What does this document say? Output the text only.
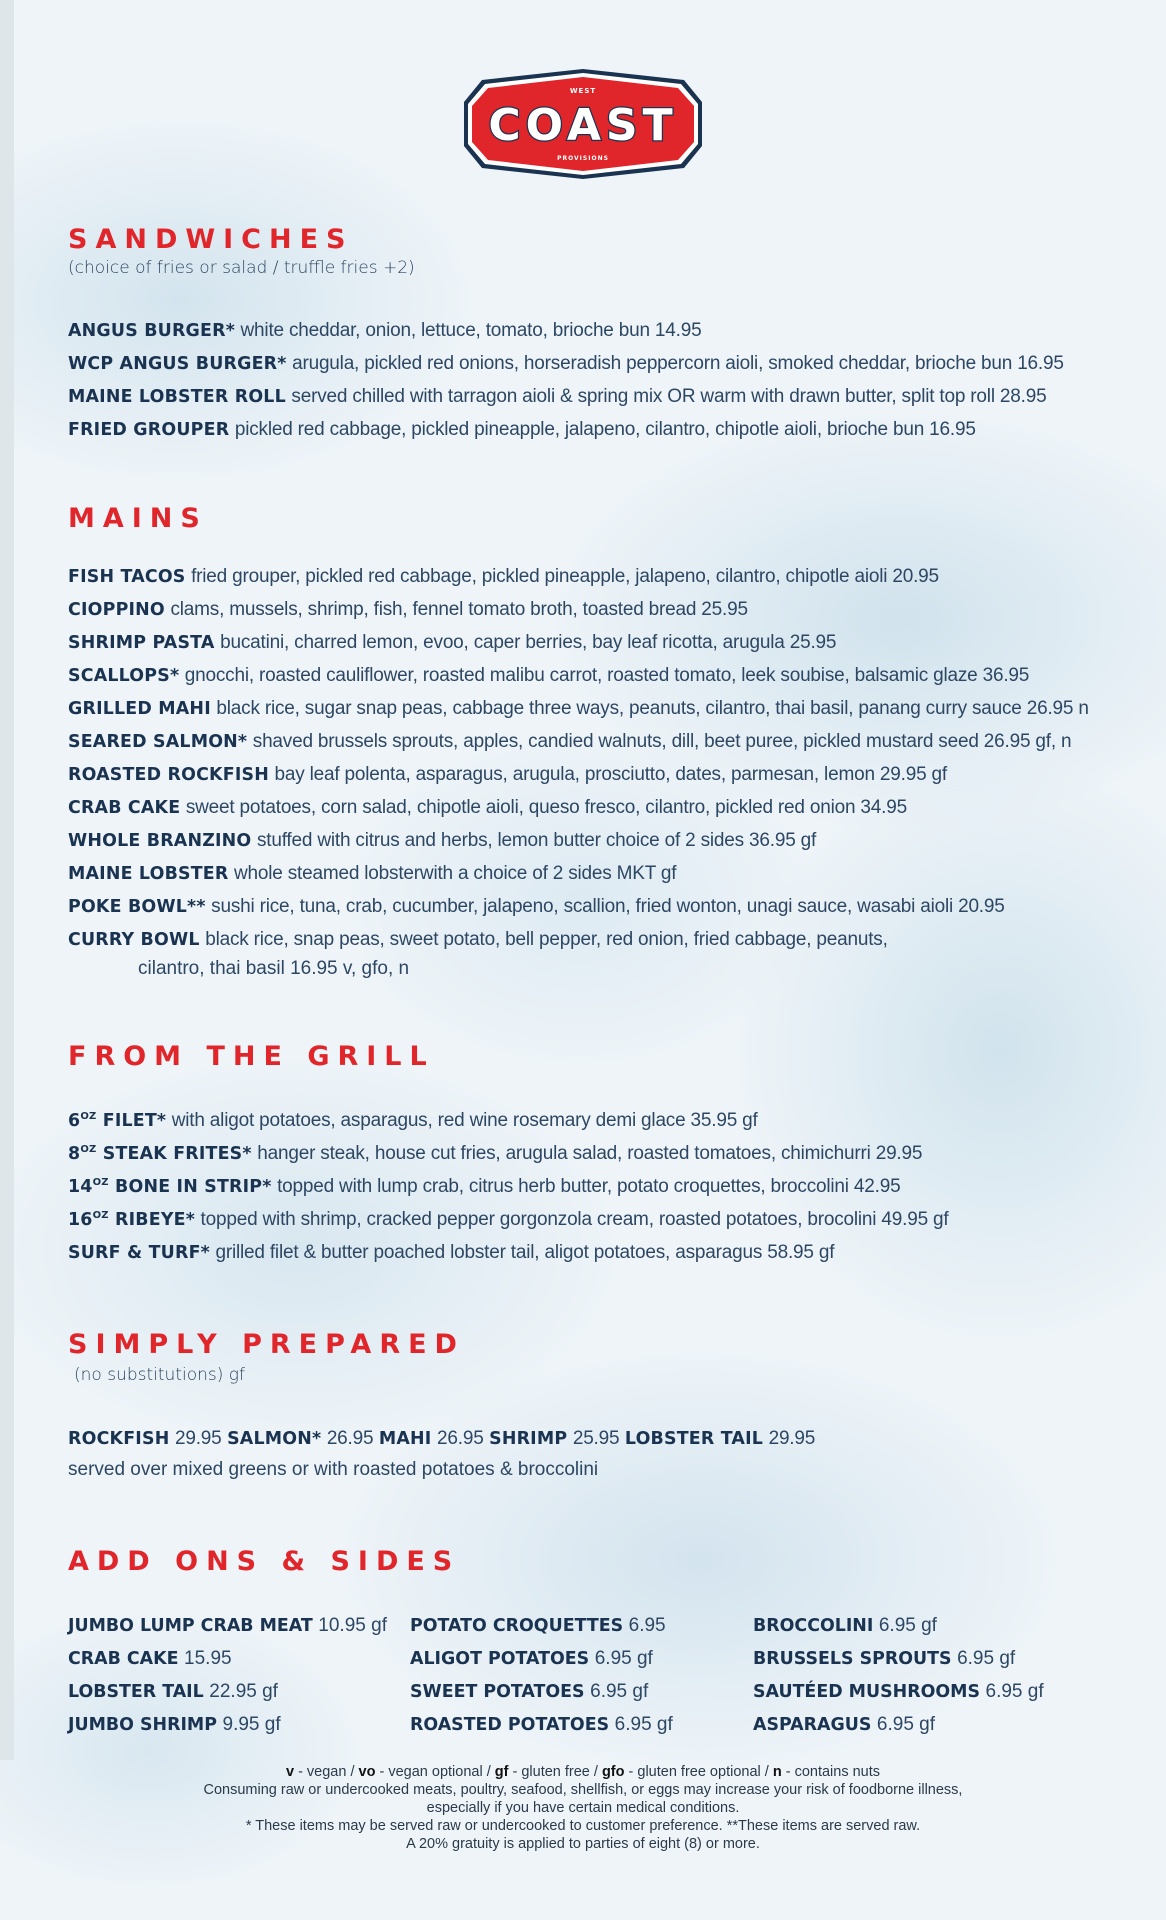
WEST
COAST
PROVISIONS
SANDWICHES
(choice of fries or salad / truffle fries +2)
ANGUS BURGER* white cheddar, onion, lettuce, tomato, brioche bun 14.95
WCP ANGUS BURGER* arugula, pickled red onions, horseradish peppercorn aioli, smoked cheddar, brioche bun 16.95
MAINE LOBSTER ROLL served chilled with tarragon aioli & spring mix OR warm with drawn butter, split top roll 28.95
FRIED GROUPER pickled red cabbage, pickled pineapple, jalapeno, cilantro, chipotle aioli, brioche bun 16.95
MAINS
FISH TACOS fried grouper, pickled red cabbage, pickled pineapple, jalapeno, cilantro, chipotle aioli 20.95
CIOPPINO clams, mussels, shrimp, fish, fennel tomato broth, toasted bread 25.95
SHRIMP PASTA bucatini, charred lemon, evoo, caper berries, bay leaf ricotta, arugula 25.95
SCALLOPS* gnocchi, roasted cauliflower, roasted malibu carrot, roasted tomato, leek soubise, balsamic glaze 36.95
GRILLED MAHI black rice, sugar snap peas, cabbage three ways, peanuts, cilantro, thai basil, panang curry sauce 26.95 n
SEARED SALMON* shaved brussels sprouts, apples, candied walnuts, dill, beet puree, pickled mustard seed 26.95 gf, n
ROASTED ROCKFISH bay leaf polenta, asparagus, arugula, prosciutto, dates, parmesan, lemon 29.95 gf
CRAB CAKE sweet potatoes, corn salad, chipotle aioli, queso fresco, cilantro, pickled red onion 34.95
WHOLE BRANZINO stuffed with citrus and herbs, lemon butter choice of 2 sides 36.95 gf
MAINE LOBSTER whole steamed lobsterwith a choice of 2 sides MKT gf
POKE BOWL** sushi rice, tuna, crab, cucumber, jalapeno, scallion, fried wonton, unagi sauce, wasabi aioli 20.95
CURRY BOWL black rice, snap peas, sweet potato, bell pepper, red onion, fried cabbage, peanuts,
cilantro, thai basil 16.95 v, gfo, n
FROM THE GRILL
$6^{OZ}$ FILET* with aligot potatoes, asparagus, red wine rosemary demi glace 35.95 gf
$8^{OZ}$ STEAK FRITES* hanger steak, house cut fries, arugula salad, roasted tomatoes, chimichurri 29.95
$14^{OZ}$ BONE IN STRIP* topped with lump crab, citrus herb butter, potato croquettes, broccolini 42.95
$16^{OZ}$ RIBEYE* topped with shrimp, cracked pepper gorgonzola cream, roasted potatoes, brocolini 49.95 gf
SURF & TURF* grilled filet & butter poached lobster tail, aligot potatoes, asparagus 58.95 gf
SIMPLY PREPARED
(no substitutions) gf
ROCKFISH 29.95 SALMON* 26.95 MAHI 26.95 SHRIMP 25.95 LOBSTER TAIL 29.95
served over mixed greens or with roasted potatoes & broccolini
ADD ONS & SIDES
JUMBO LUMP CRAB MEAT 10.95 gf
CRAB CAKE 15.95
LOBSTER TAIL 22.95 gf
JUMBO SHRIMP 9.95 gf
POTATO CROQUETTES 6.95
ALIGOT POTATOES 6.95 gf
SWEET POTATOES 6.95 gf
ROASTED POTATOES 6.95 gf
BROCCOLINI 6.95 gf
BRUSSELS SPROUTS 6.95 gf
SAUTÉED MUSHROOMS 6.95 gf
ASPARAGUS 6.95 gf
v - vegan / vo - vegan optional / gf - gluten free / gfo - gluten free optional / n - contains nuts
Consuming raw or undercooked meats, poultry, seafood, shellfish, or eggs may increase your risk of foodborne illness,
especially if you have certain medical conditions.
* These items may be served raw or undercooked to customer preference. **These items are served raw.
A 20% gratuity is applied to parties of eight (8) or more.
